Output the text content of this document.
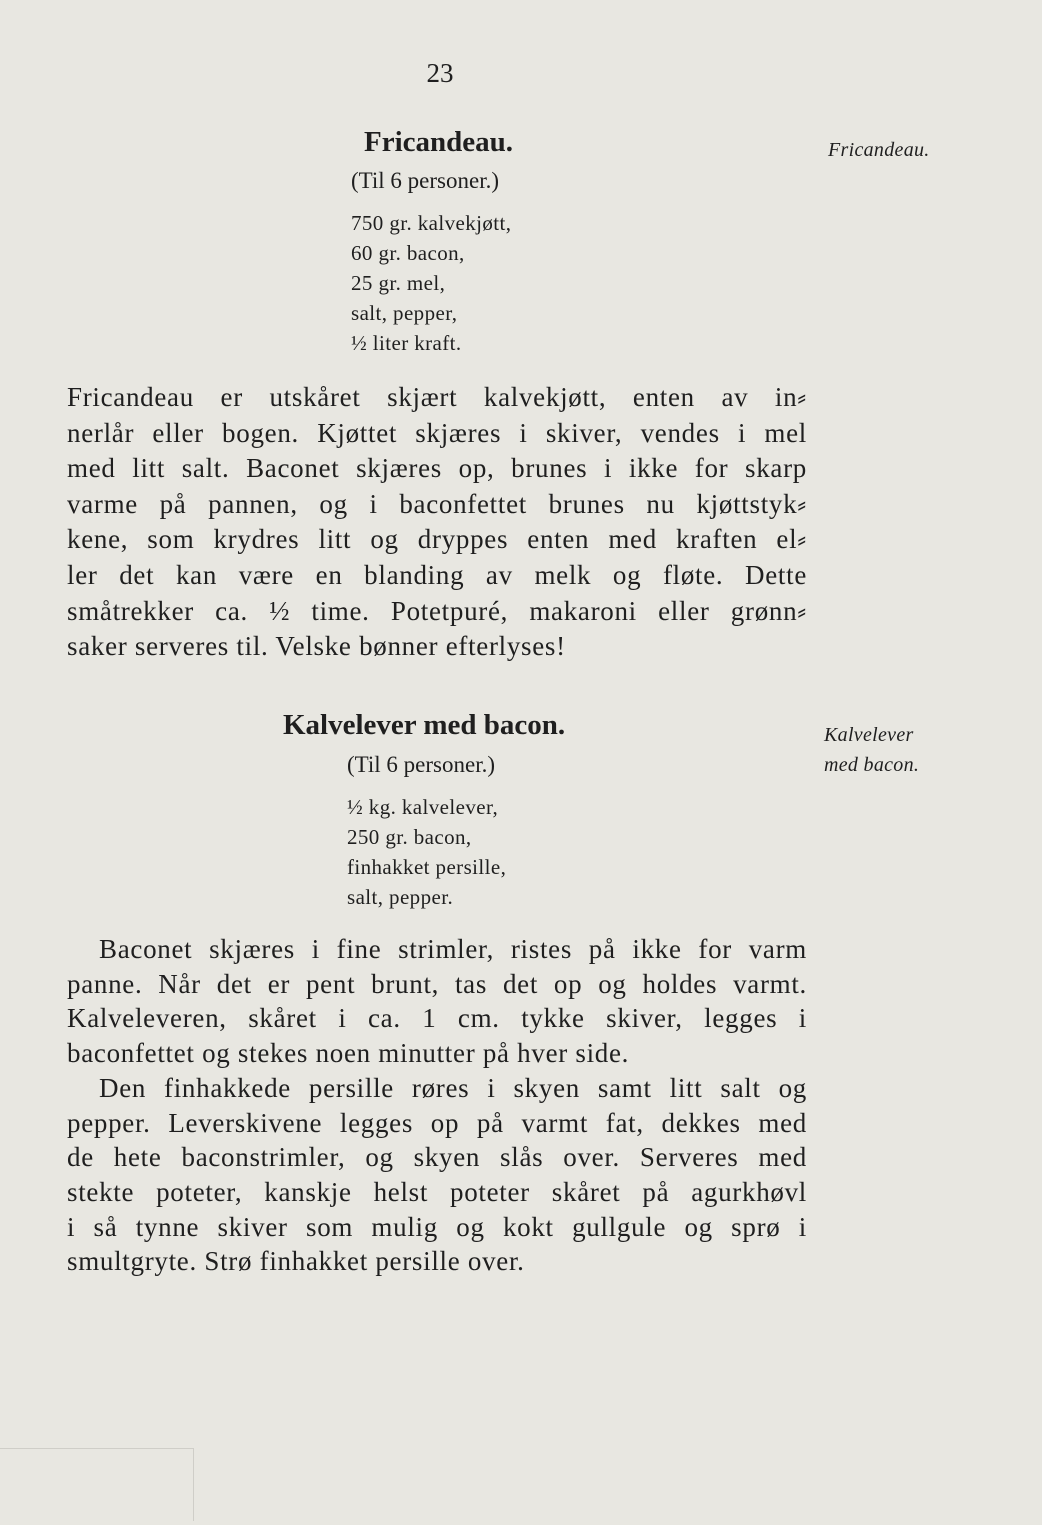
23
Fricandeau.
(Til 6 personer.)
750 gr. kalvekjøtt,
60 gr. bacon,
25 gr. mel,
salt, pepper,
½ liter kraft.
Fricandeau.

Fricandeau er utskåret skjært kalvekjøtt, enten av in⸗
nerlår eller bogen. Kjøttet skjæres i skiver, vendes i mel
med litt salt. Baconet skjæres op, brunes i ikke for skarp
varme på pannen, og i baconfettet brunes nu kjøttstyk⸗
kene, som krydres litt og dryppes enten med kraften el⸗
ler det kan være en blanding av melk og fløte. Dette
småtrekker ca. ½ time. Potetpuré, makaroni eller grønn⸗
saker serveres til. Velske bønner efterlyses!

Kalvelever med bacon.
(Til 6 personer.)
½ kg. kalvelever,
250 gr. bacon,
finhakket persille,
salt, pepper.
Kalvelever
med bacon.

Baconet skjæres i fine strimler, ristes på ikke for varm
panne. Når det er pent brunt, tas det op og holdes varmt.
Kalveleveren, skåret i ca. 1 cm. tykke skiver, legges i
baconfettet og stekes noen minutter på hver side.

Den finhakkede persille røres i skyen samt litt salt og
pepper. Leverskivene legges op på varmt fat, dekkes med
de hete baconstrimler, og skyen slås over. Serveres med
stekte poteter, kanskje helst poteter skåret på agurkhøvl
i så tynne skiver som mulig og kokt gullgule og sprø i
smultgryte. Strø finhakket persille over.
